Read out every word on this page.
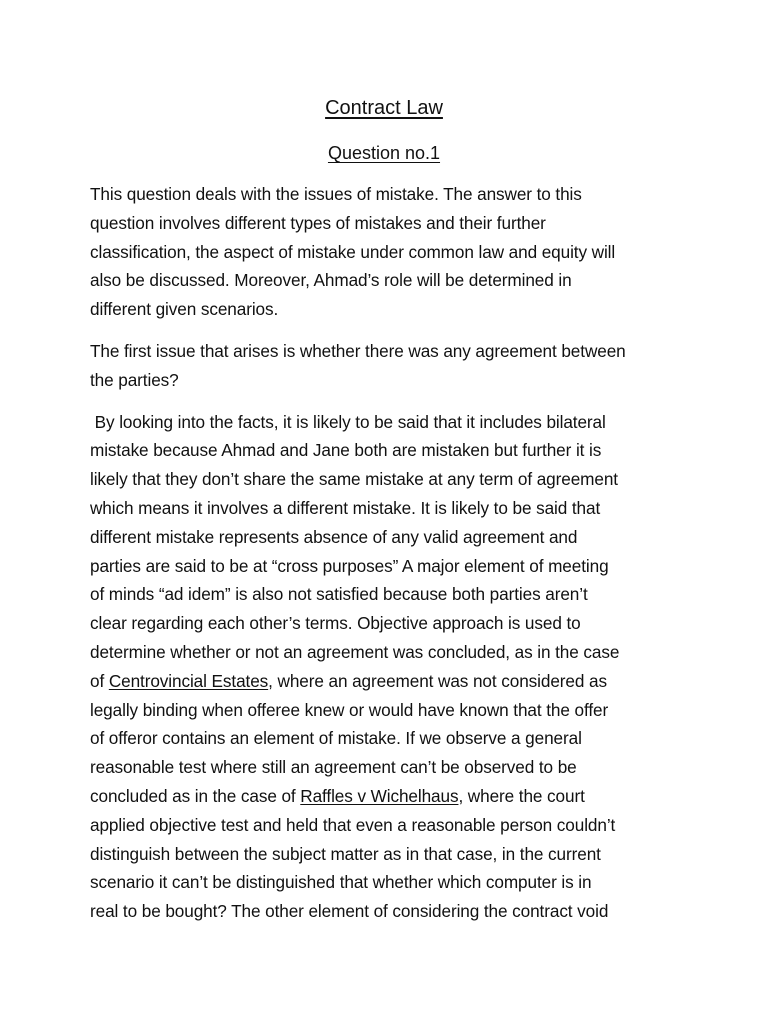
Contract Law
Question no.1

This question deals with the issues of mistake. The answer to this
question involves different types of mistakes and their further
classification, the aspect of mistake under common law and equity will
also be discussed. Moreover, Ahmad’s role will be determined in
different given scenarios.

The first issue that arises is whether there was any agreement between
the parties?

By looking into the facts, it is likely to be said that it includes bilateral
mistake because Ahmad and Jane both are mistaken but further it is
likely that they don’t share the same mistake at any term of agreement
which means it involves a different mistake. It is likely to be said that
different mistake represents absence of any valid agreement and
parties are said to be at “cross purposes” A major element of meeting
of minds “ad idem” is also not satisfied because both parties aren’t
clear regarding each other’s terms. Objective approach is used to
determine whether or not an agreement was concluded, as in the case
of Centrovincial Estates, where an agreement was not considered as
legally binding when offeree knew or would have known that the offer
of offeror contains an element of mistake. If we observe a general
reasonable test where still an agreement can’t be observed to be
concluded as in the case of Raffles v Wichelhaus, where the court
applied objective test and held that even a reasonable person couldn’t
distinguish between the subject matter as in that case, in the current
scenario it can’t be distinguished that whether which computer is in
real to be bought? The other element of considering the contract void
